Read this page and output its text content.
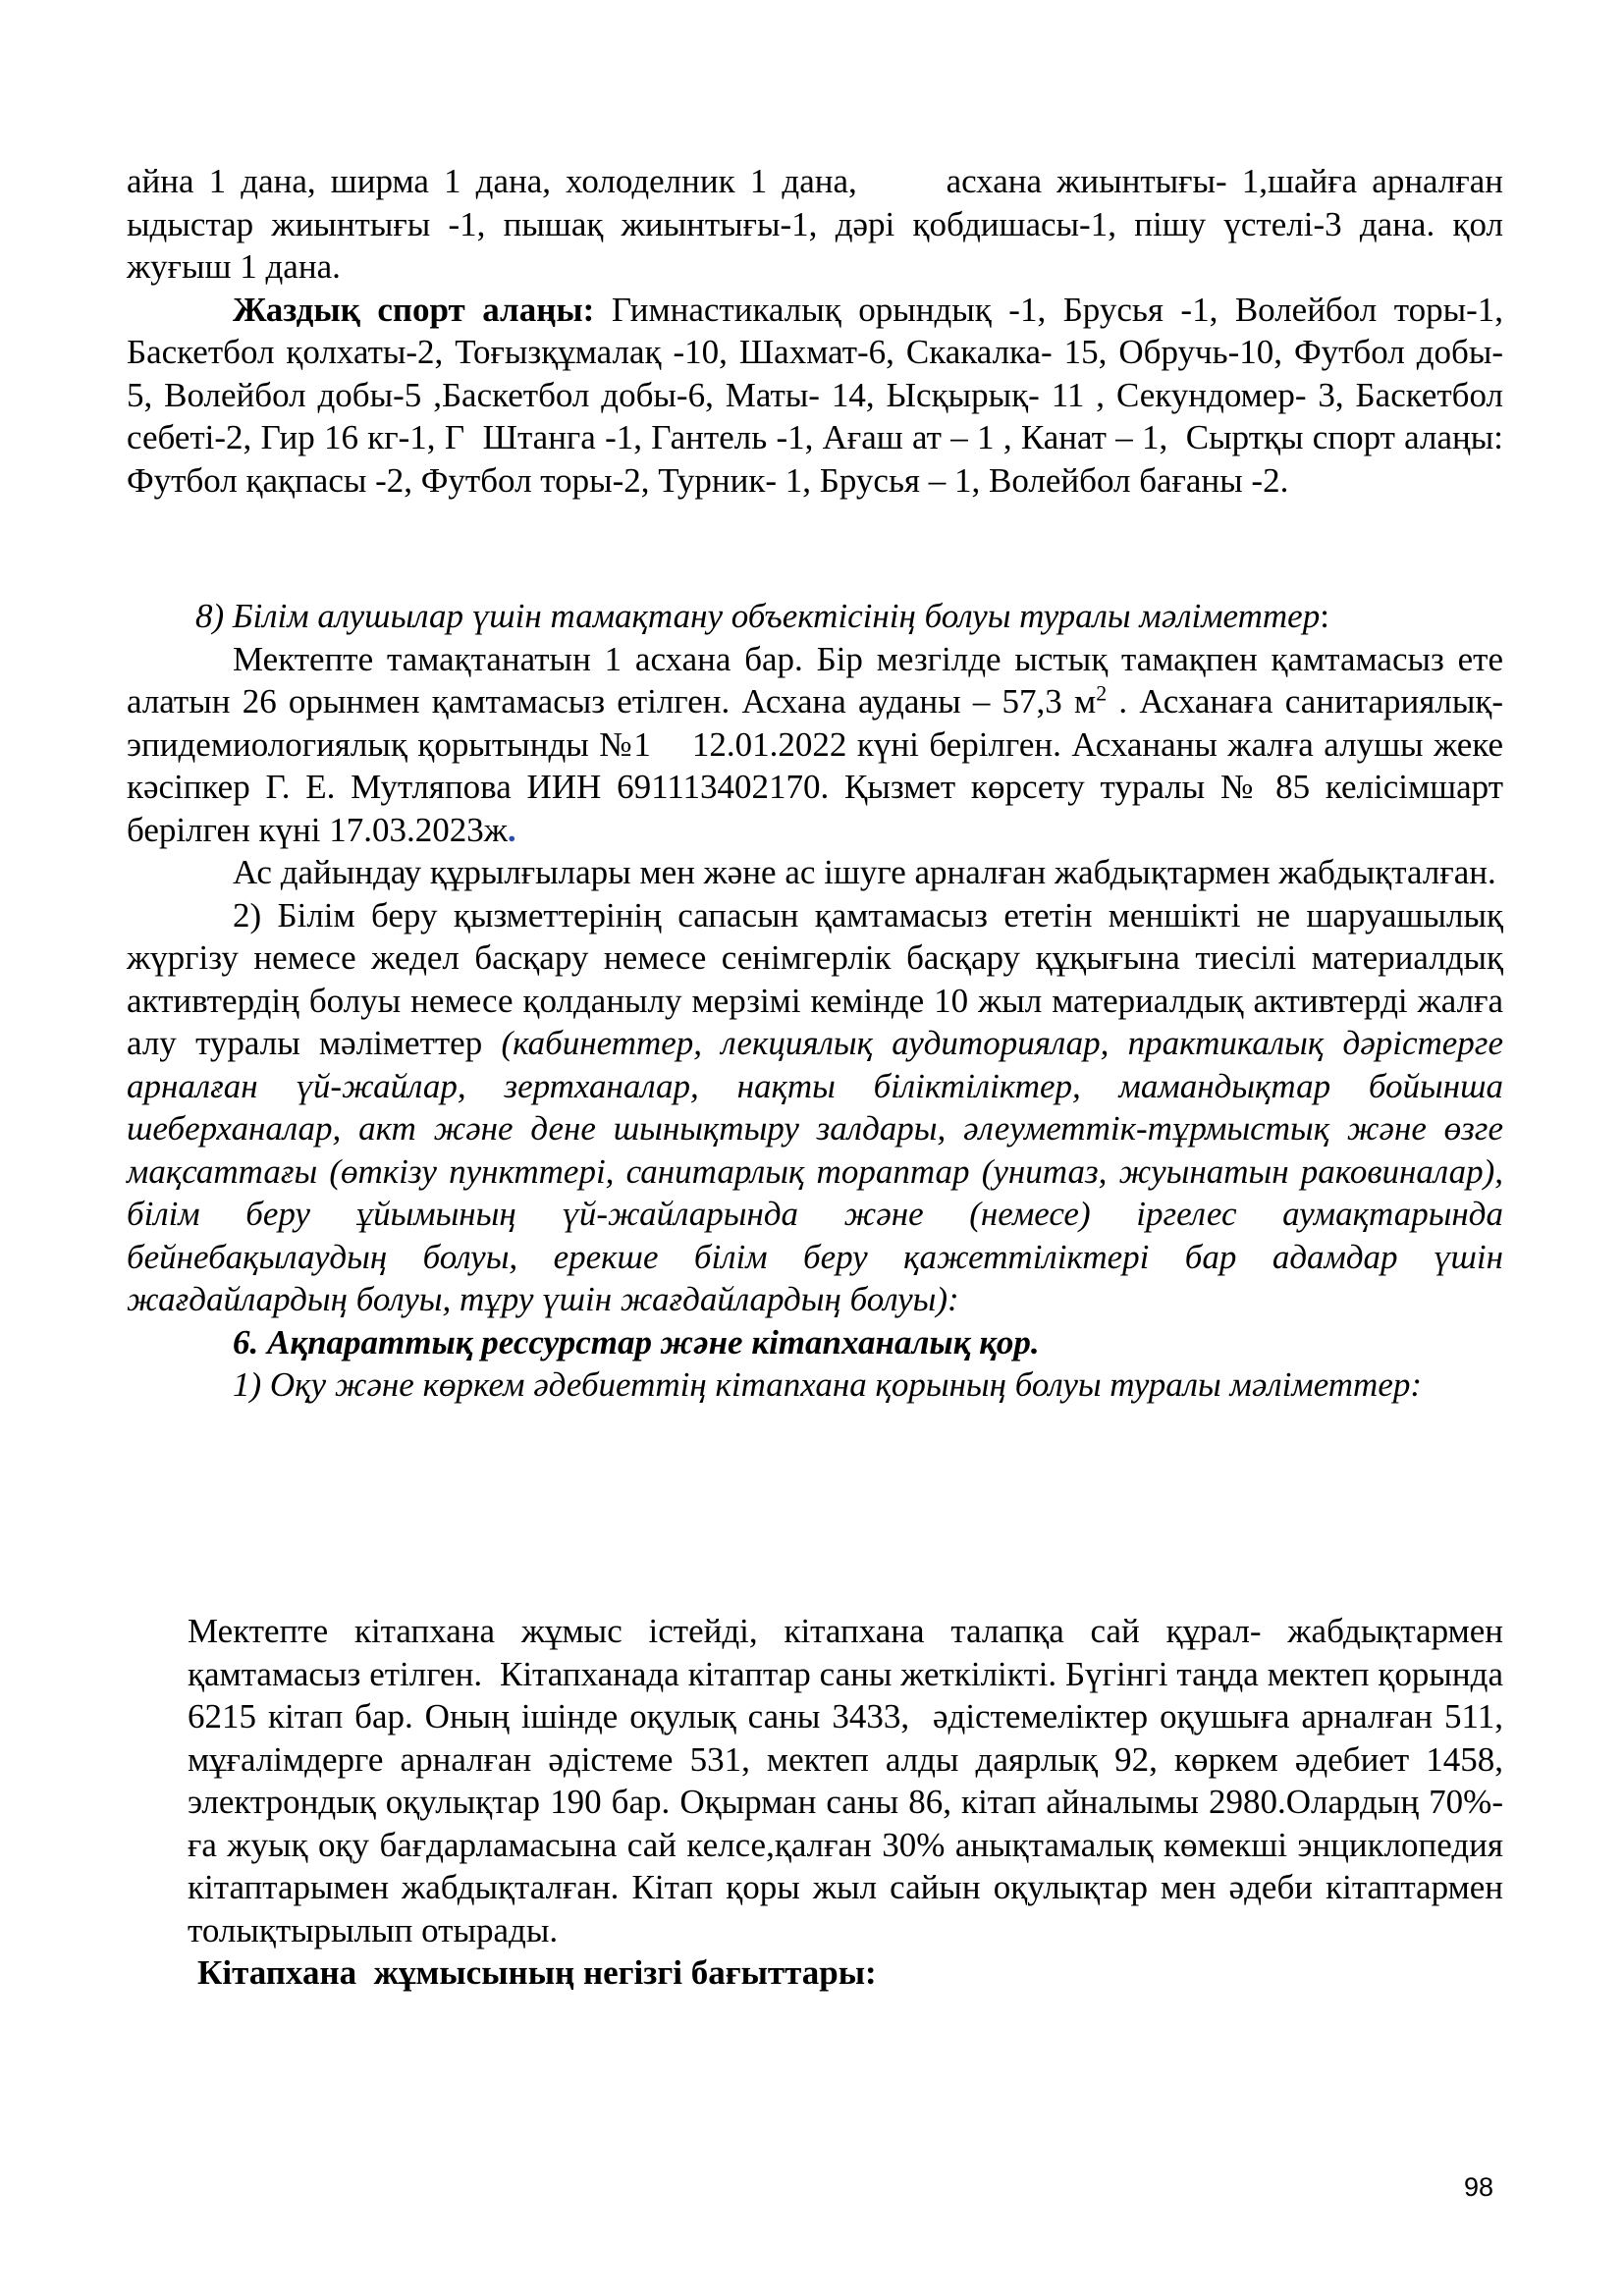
айна 1 дана, ширма 1 дана, холоделник 1 дана,      асхана жиынтығы- 1,шайға арналған ыдыстар жиынтығы -1, пышақ жиынтығы-1, дәрі қобдишасы-1, пішу үстелі-3 дана. қол жуғыш 1 дана.

Жаздық спорт алаңы: Гимнастикалық орындық -1, Брусья -1, Волейбол торы-1, Баскетбол қолхаты-2, Тоғызқұмалақ -10, Шахмат-6, Скакалка- 15, Обручь-10, Футбол добы- 5, Волейбол добы-5 ,Баскетбол добы-6, Маты- 14, Ысқырық- 11 , Секундомер- 3, Баскетбол себеті-2, Гир 16 кг-1, Г  Штанга -1, Гантель -1, Ағаш ат – 1 , Канат – 1,  Сыртқы спорт алаңы: Футбол қақпасы -2, Футбол торы-2, Турник- 1, Брусья – 1, Волейбол бағаны -2.

8) Білім алушылар үшін тамақтану объектісінің болуы туралы мәліметтер:

Мектепте тамақтанатын 1 асхана бар. Бір мезгілде ыстық тамақпен қамтамасыз ете алатын 26 орынмен қамтамасыз етілген. Асхана ауданы – 57,3 $м^2$ . Асханаға санитариялық-эпидемиологиялық қорытынды №1    12.01.2022 күні берілген. Асхананы жалға алушы жеке кәсіпкер Г. Е. Мутляпова ИИН 691113402170. Қызмет көрсету туралы № 85 келісімшарт берілген күні 17.03.2023ж.

Ас дайындау құрылғылары мен және ас ішуге арналған жабдықтармен жабдықталған.

2) Білім беру қызметтерінің сапасын қамтамасыз ететін меншікті не шаруашылық жүргізу немесе жедел басқару немесе сенімгерлік басқару құқығына тиесілі материалдық активтердің болуы немесе қолданылу мерзімі кемінде 10 жыл материалдық активтерді жалға алу туралы мәліметтер (кабинеттер, лекциялық аудиториялар, практикалық дәрістерге арналған үй-жайлар, зертханалар, нақты біліктіліктер, мамандықтар бойынша шеберханалар, акт және дене шынықтыру залдары, әлеуметтік-тұрмыстық және өзге мақсаттағы (өткізу пункттері, санитарлық тораптар (унитаз, жуынатын раковиналар), білім беру ұйымының үй-жайларында және (немесе) іргелес аумақтарында бейнебақылаудың болуы, ерекше білім беру қажеттіліктері бар адамдар үшін жағдайлардың болуы, тұру үшін жағдайлардың болуы):

6. Ақпараттық рессурстар және кітапханалық қор.

1) Оқу және көркем әдебиеттің кітапхана қорының болуы туралы мәліметтер:

Мектепте кітапхана жұмыс істейді, кітапхана талапқа сай құрал- жабдықтармен қамтамасыз етілген.  Кітапханада кітаптар саны жеткілікті. Бүгінгі таңда мектеп қорында 6215 кітап бар. Оның ішінде оқулық саны 3433,  әдістемеліктер оқушыға арналған 511, мұғалімдерге арналған әдістеме 531, мектеп алды даярлық 92, көркем әдебиет 1458, электрондық оқулықтар 190 бар. Оқырман саны 86, кітап айналымы 2980.Олардың 70%-ға жуық оқу бағдарламасына сай келсе,қалған 30% анықтамалық көмекші энциклопедия кітаптарымен жабдықталған. Кітап қоры жыл сайын оқулықтар мен әдеби кітаптармен толықтырылып отырады.

Кітапхана  жұмысының негізгі бағыттары:

98
